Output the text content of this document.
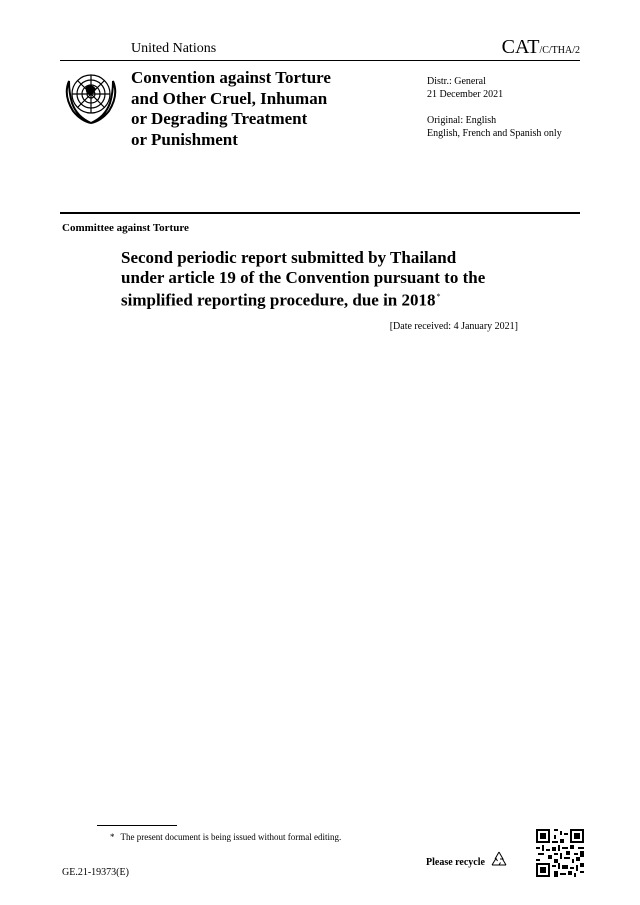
United Nations	CAT/C/THA/2
Convention against Torture
and Other Cruel, Inhuman
or Degrading Treatment
or Punishment
Distr.: General
21 December 2021
Original: English
English, French and Spanish only
Committee against Torture
Second periodic report submitted by Thailand
under article 19 of the Convention pursuant to the
simplified reporting procedure, due in 2018*
[Date received: 4 January 2021]
* The present document is being issued without formal editing.
GE.21-19373(E)
Please recycle
